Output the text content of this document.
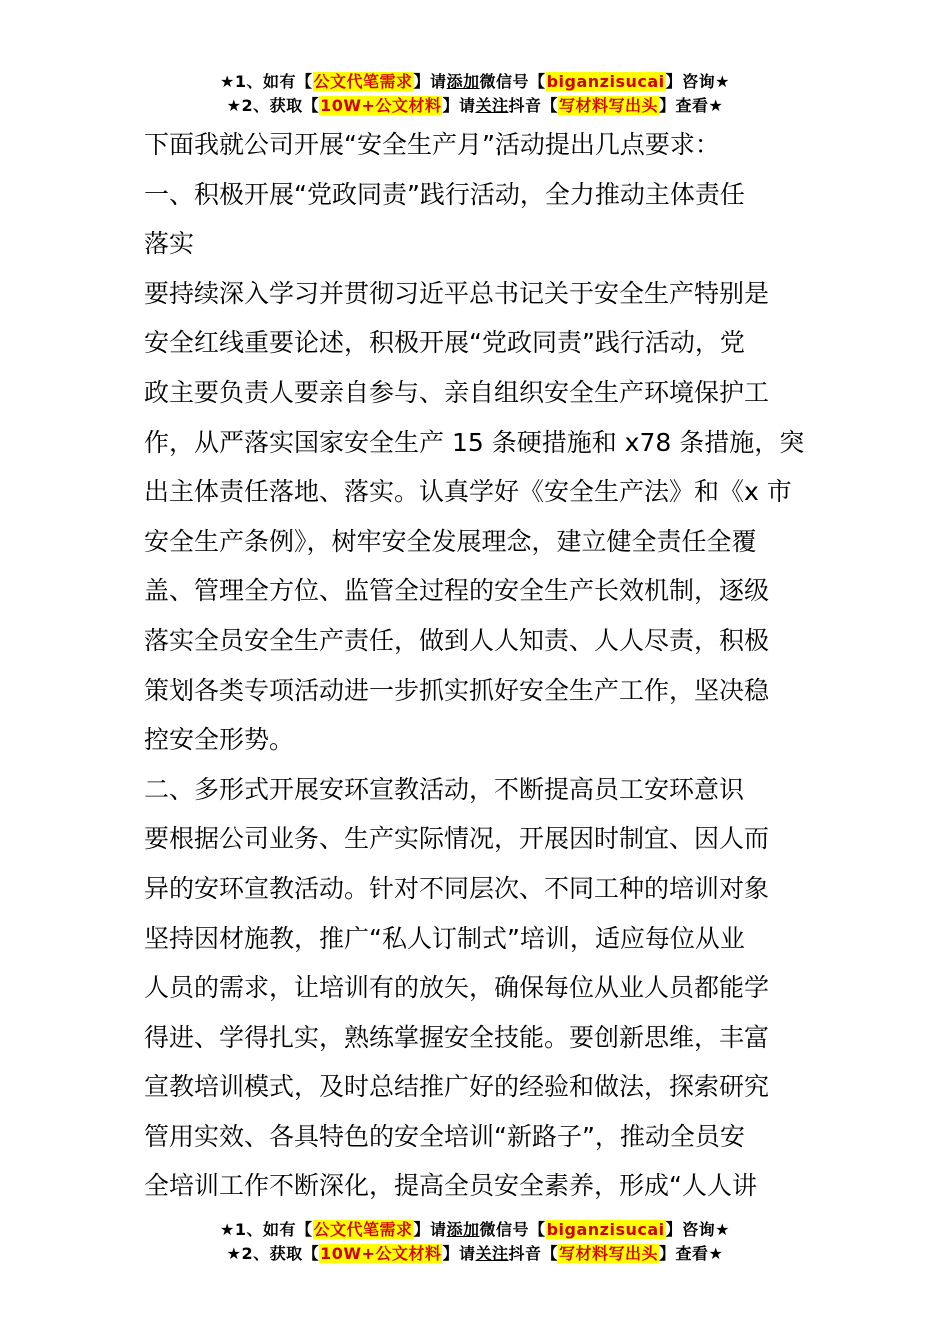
★1、如有【公文代笔需求】请添加微信号【biganzisucai】咨询★
★2、获取【10W+公文材料】请关注抖音【写材料写出头】查看★

下面我就公司开展“安全生产月”活动提出几点要求：

一、积极开展“党政同责”践行活动，全力推动主体责任

落实

要持续深入学习并贯彻习近平总书记关于安全生产特别是

安全红线重要论述，积极开展“党政同责”践行活动，党

政主要负责人要亲自参与、亲自组织安全生产环境保护工

作，从严落实国家安全生产 15 条硬措施和 x78 条措施，突

出主体责任落地、落实。认真学好《安全生产法》和《x 市

安全生产条例》，树牢安全发展理念，建立健全责任全覆

盖、管理全方位、监管全过程的安全生产长效机制，逐级

落实全员安全生产责任，做到人人知责、人人尽责，积极

策划各类专项活动进一步抓实抓好安全生产工作，坚决稳

控安全形势。

二、多形式开展安环宣教活动，不断提高员工安环意识

要根据公司业务、生产实际情况，开展因时制宜、因人而

异的安环宣教活动。针对不同层次、不同工种的培训对象

坚持因材施教，推广“私人订制式”培训，适应每位从业

人员的需求，让培训有的放矢，确保每位从业人员都能学

得进、学得扎实，熟练掌握安全技能。要创新思维，丰富

宣教培训模式，及时总结推广好的经验和做法，探索研究

管用实效、各具特色的安全培训“新路子”，推动全员安

全培训工作不断深化，提高全员安全素养，形成“人人讲

★1、如有【公文代笔需求】请添加微信号【biganzisucai】咨询★
★2、获取【10W+公文材料】请关注抖音【写材料写出头】查看★
